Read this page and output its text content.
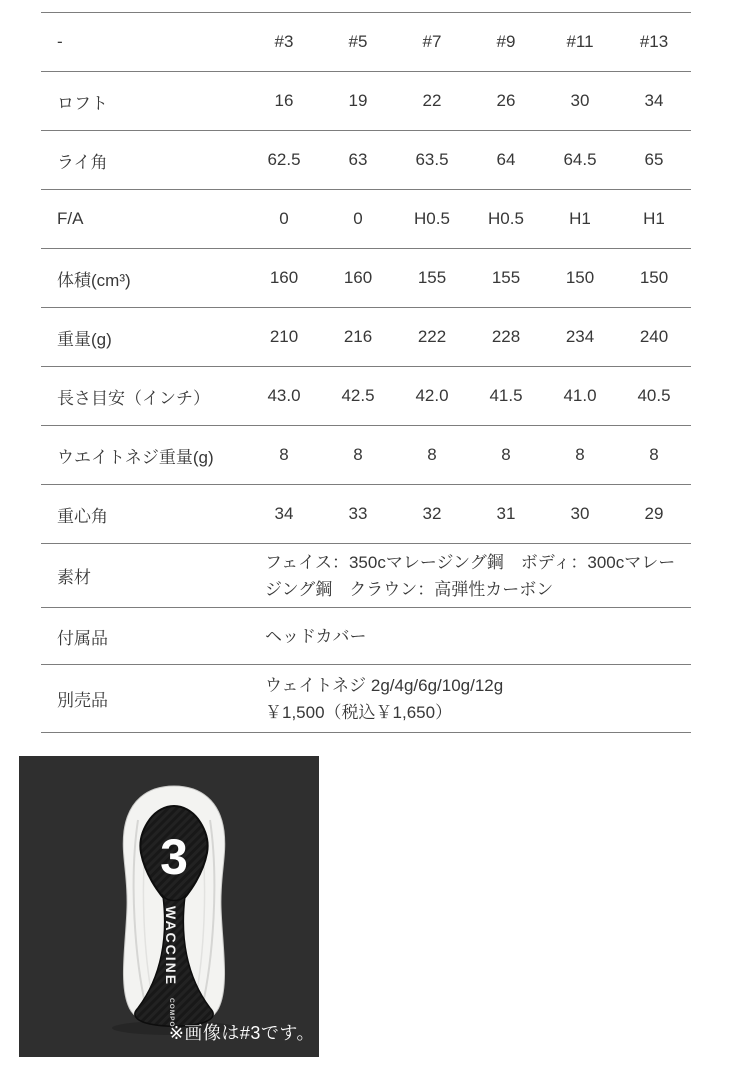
-	#3	#5	#7	#9	#11	#13
ロフト	16	19	22	26	30	34
ライ角	62.5	63	63.5	64	64.5	65
F/A	0	0	H0.5	H0.5	H1	H1
体積(cm³)	160	160	155	155	150	150
重量(g)	210	216	222	228	234	240
長さ目安（インチ）	43.0	42.5	42.0	41.5	41.0	40.5
ウエイトネジ重量(g)	8	8	8	8	8	8
重心角	34	33	32	31	30	29
素材	フェイス：350cマレージング鋼　ボディ：300cマレージング鋼　クラウン：高弾性カーボン					

付属品	ヘッドカバー					

別売品	ウェイトネジ 2g/4g/6g/10g/12g
￥1,500（税込￥1,650）					
3
WACCINE
COMPO
※画像は#3です。
